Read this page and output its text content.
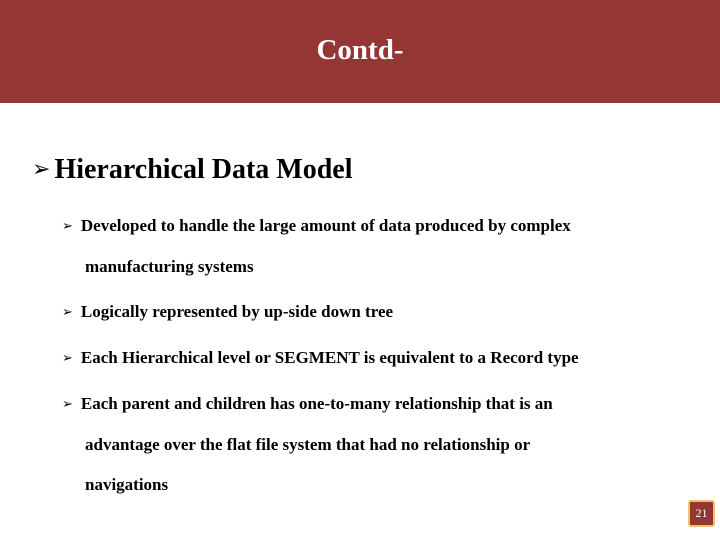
Contd-
➢ Hierarchical Data Model
➢ Developed to handle the large amount of data produced by complex
manufacturing systems
➢ Logically represented by up-side down tree
➢ Each Hierarchical level or SEGMENT is equivalent to a Record type
➢ Each parent and children has one-to-many relationship that is an
advantage over the flat file system that had no relationship or
navigations
21
